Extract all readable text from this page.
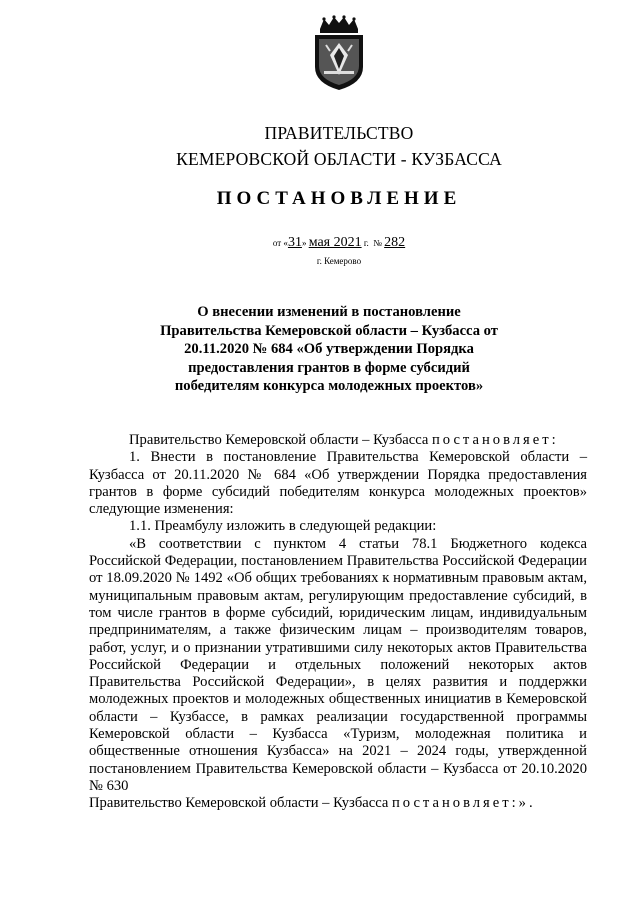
ПРАВИТЕЛЬСТВО
КЕМЕРОВСКОЙ ОБЛАСТИ - КУЗБАССА
ПОСТАНОВЛЕНИЕ
от «31» мая 2021 г. № 282
г. Кемерово
О внесении изменений в постановление
Правительства Кемеровской области – Кузбасса от
20.11.2020 № 684 «Об утверждении Порядка
предоставления грантов в форме субсидий
победителям конкурса молодежных проектов»

Правительство Кемеровской области – Кузбасса постановляет:

1. Внести в постановление Правительства Кемеровской области – Кузбасса от 20.11.2020 № 684 «Об утверждении Порядка предоставления грантов в форме субсидий победителям конкурса молодежных проектов» следующие изменения:

1.1. Преамбулу изложить в следующей редакции:

«В соответствии с пунктом 4 статьи 78.1 Бюджетного кодекса Российской Федерации, постановлением Правительства Российской Федерации от 18.09.2020 № 1492 «Об общих требованиях к нормативным правовым актам, муниципальным правовым актам, регулирующим предоставление субсидий, в том числе грантов в форме субсидий, юридическим лицам, индивидуальным предпринимателям, а также физическим лицам – производителям товаров, работ, услуг, и о признании утратившими силу некоторых актов Правительства Российской Федерации и отдельных положений некоторых актов Правительства Российской Федерации», в целях развития и поддержки молодежных проектов и молодежных общественных инициатив в Кемеровской области – Кузбассе, в рамках реализации государственной программы Кемеровской области – Кузбасса «Туризм, молодежная политика и общественные отношения Кузбасса» на 2021 – 2024 годы, утвержденной постановлением Правительства Кемеровской области – Кузбасса от 20.10.2020 № 630

Правительство Кемеровской области – Кузбасса постановляет:».
